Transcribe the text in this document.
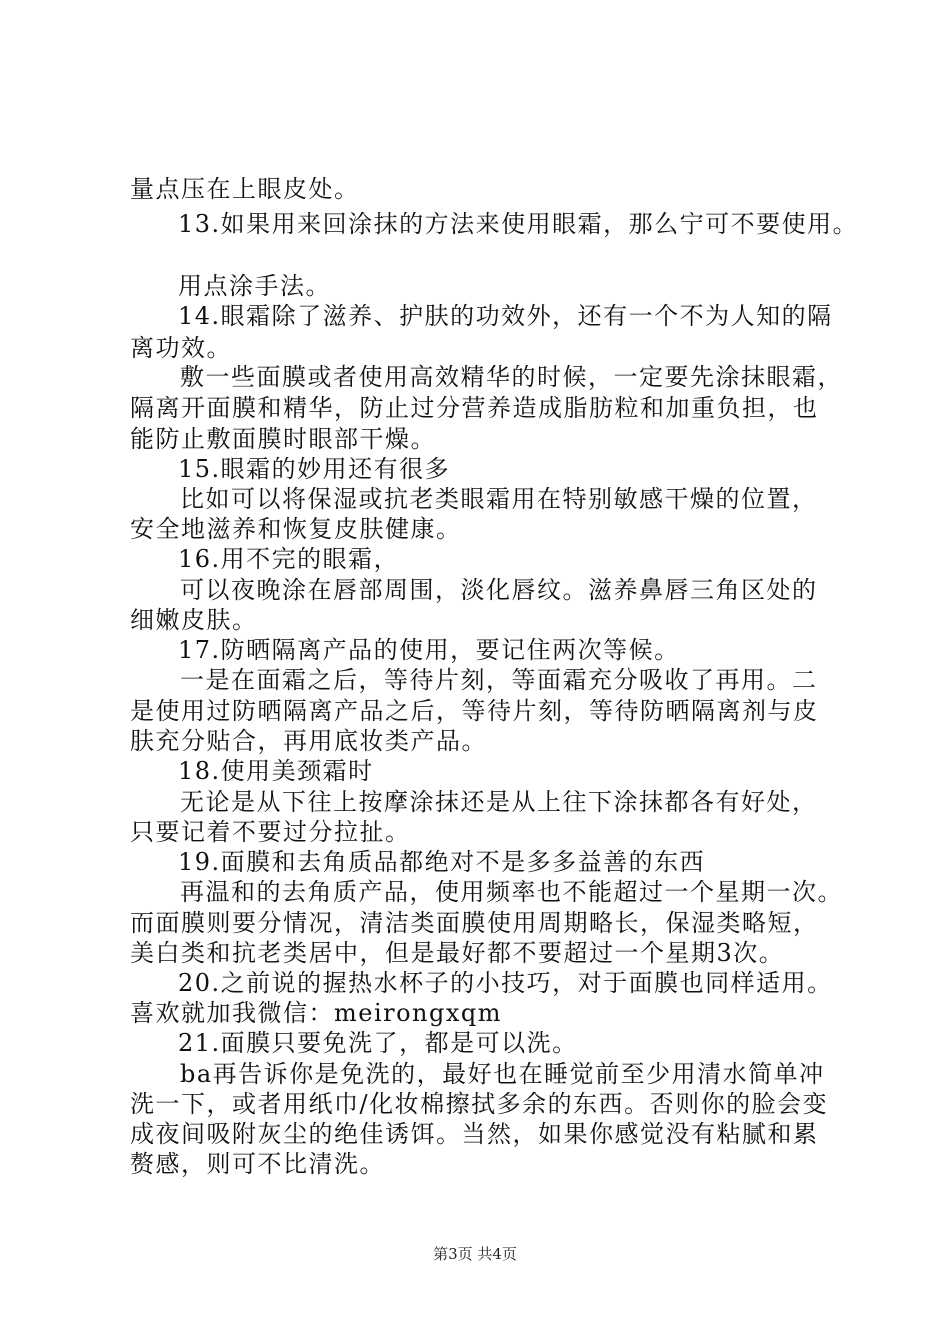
量点压在上眼皮处。
13.如果用来回涂抹的方法来使用眼霜，那么宁可不要使用。
用点涂手法。
14.眼霜除了滋养、护肤的功效外，还有一个不为人知的隔
离功效。
敷一些面膜或者使用高效精华的时候，一定要先涂抹眼霜，
隔离开面膜和精华，防止过分营养造成脂肪粒和加重负担，也
能防止敷面膜时眼部干燥。
15.眼霜的妙用还有很多
比如可以将保湿或抗老类眼霜用在特别敏感干燥的位置，
安全地滋养和恢复皮肤健康。
16.用不完的眼霜，
可以夜晚涂在唇部周围，淡化唇纹。滋养鼻唇三角区处的
细嫩皮肤。
17.防晒隔离产品的使用，要记住两次等候。
一是在面霜之后，等待片刻，等面霜充分吸收了再用。二
是使用过防晒隔离产品之后，等待片刻，等待防晒隔离剂与皮
肤充分贴合，再用底妆类产品。
18.使用美颈霜时
无论是从下往上按摩涂抹还是从上往下涂抹都各有好处，
只要记着不要过分拉扯。
19.面膜和去角质品都绝对不是多多益善的东西
再温和的去角质产品，使用频率也不能超过一个星期一次。
而面膜则要分情况，清洁类面膜使用周期略长，保湿类略短，
美白类和抗老类居中，但是最好都不要超过一个星期3次。
20.之前说的握热水杯子的小技巧，对于面膜也同样适用。
喜欢就加我微信：meirongxqm
21.面膜只要免洗了，都是可以洗。
ba再告诉你是免洗的，最好也在睡觉前至少用清水简单冲
洗一下，或者用纸巾/化妆棉擦拭多余的东西。否则你的脸会变
成夜间吸附灰尘的绝佳诱饵。当然，如果你感觉没有粘腻和累
赘感，则可不比清洗。
第3页 共4页
